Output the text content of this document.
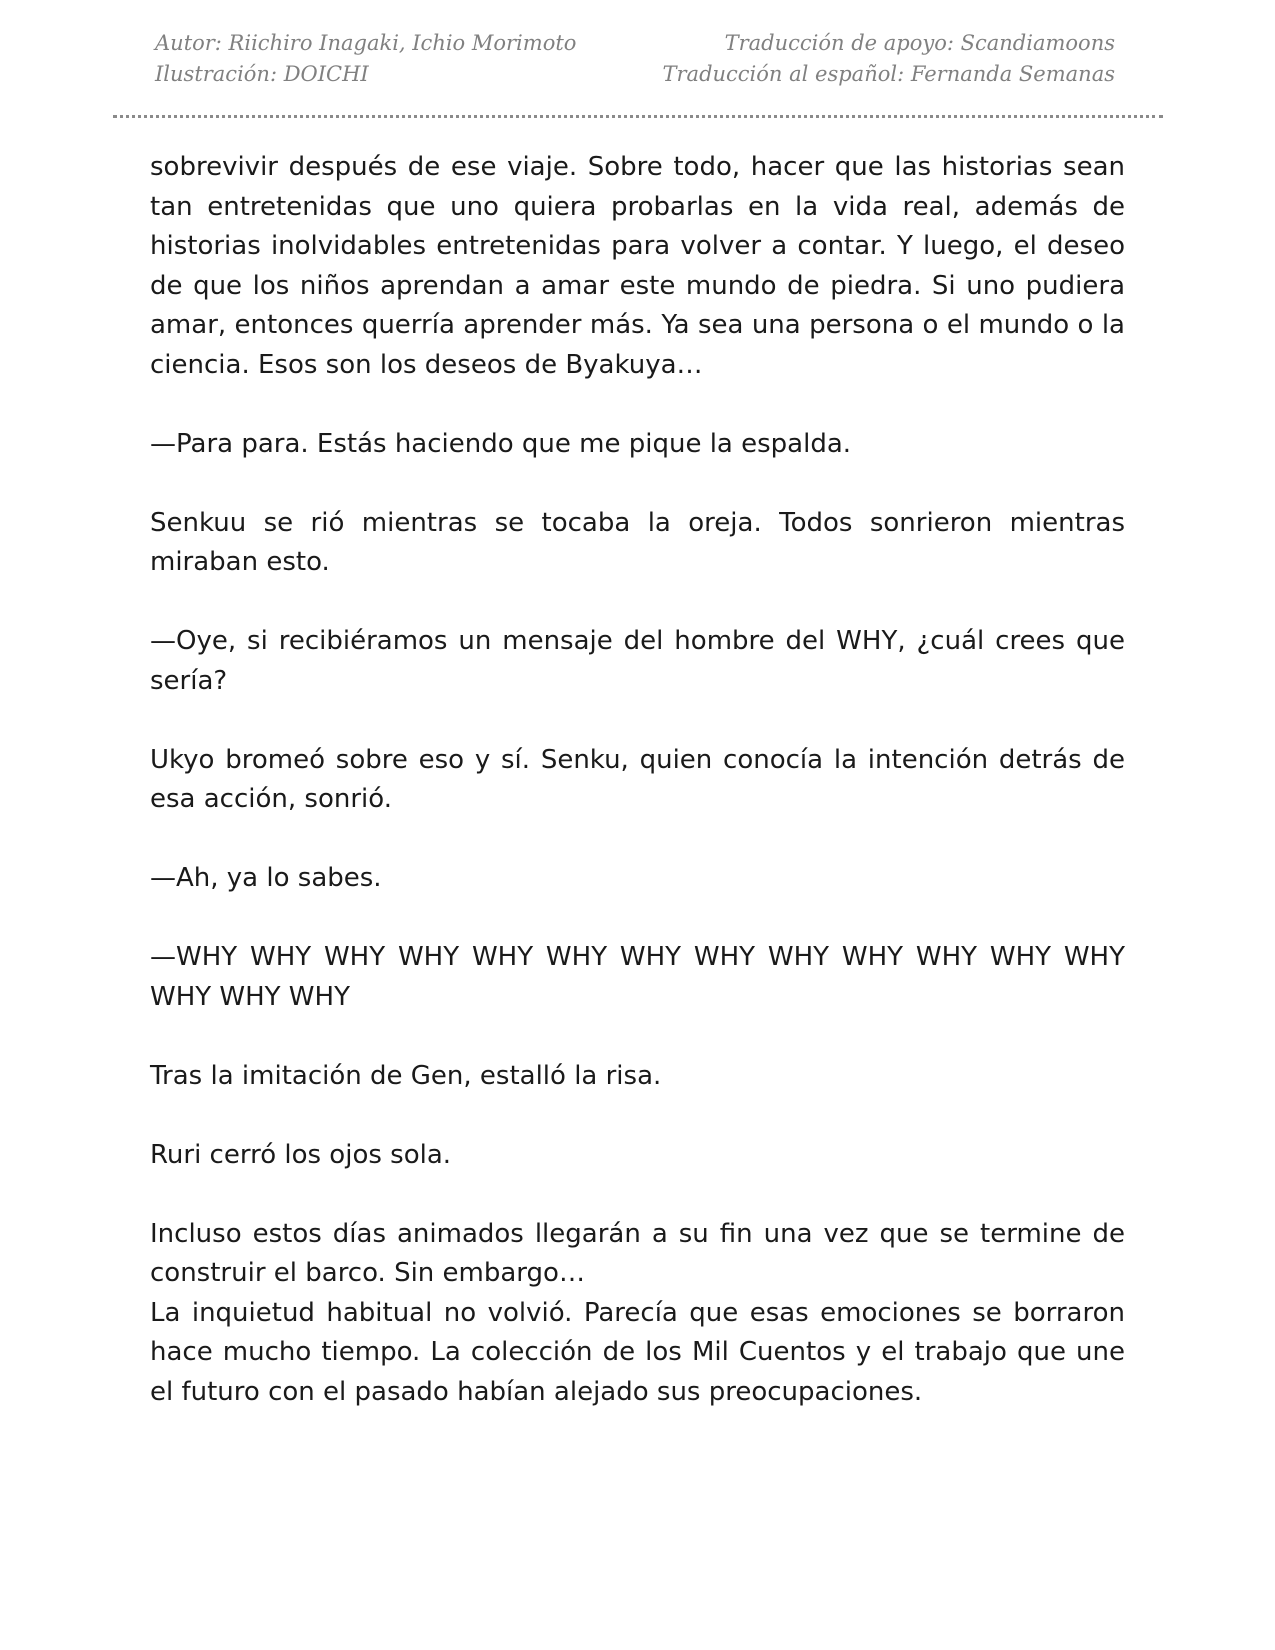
Autor: Riichiro Inagaki, Ichio Morimoto
Ilustración: DOICHI
Traducción de apoyo: Scandiamoons
Traducción al español: Fernanda Semanas

sobrevivir después de ese viaje. Sobre todo, hacer que las historias sean tan entretenidas que uno quiera probarlas en la vida real, además de historias inolvidables entretenidas para volver a contar. Y luego, el deseo de que los niños aprendan a amar este mundo de piedra. Si uno pudiera amar, entonces querría aprender más. Ya sea una persona o el mundo o la ciencia. Esos son los deseos de Byakuya…

—Para para. Estás haciendo que me pique la espalda.

Senkuu se rió mientras se tocaba la oreja. Todos sonrieron mientras miraban esto.

—Oye, si recibiéramos un mensaje del hombre del WHY, ¿cuál crees que sería?

Ukyo bromeó sobre eso y sí. Senku, quien conocía la intención detrás de esa acción, sonrió.

—Ah, ya lo sabes.

—WHY WHY WHY WHY WHY WHY WHY WHY WHY WHY WHY WHY WHY WHY WHY WHY

Tras la imitación de Gen, estalló la risa.

Ruri cerró los ojos sola.

Incluso estos días animados llegarán a su fin una vez que se termine de construir el barco. Sin embargo…

La inquietud habitual no volvió. Parecía que esas emociones se borraron hace mucho tiempo. La colección de los Mil Cuentos y el trabajo que une el futuro con el pasado habían alejado sus preocupaciones.
